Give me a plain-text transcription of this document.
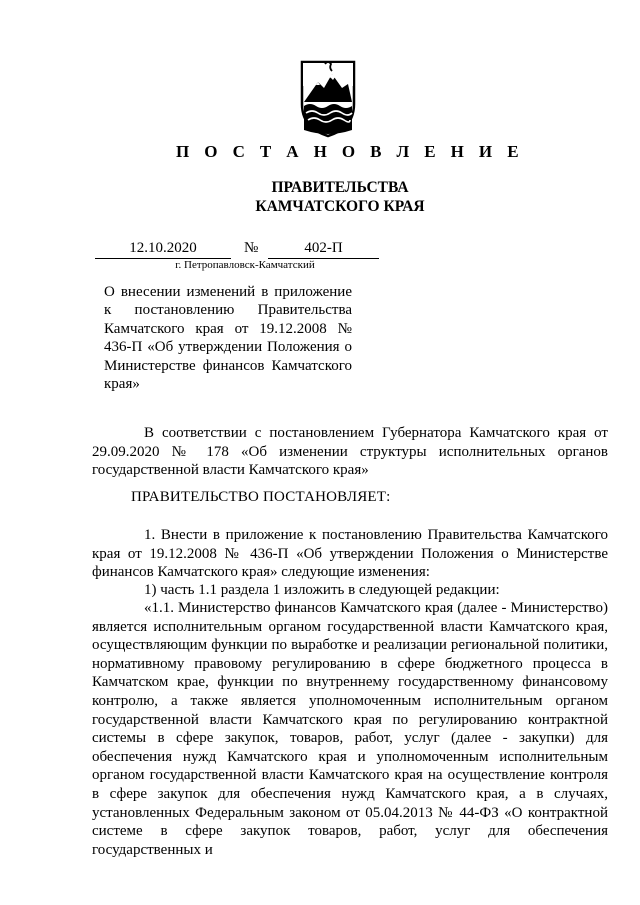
П О С Т А Н О В Л Е Н И Е
ПРАВИТЕЛЬСТВА
КАМЧАТСКОГО КРАЯ
12.10.2020	№	402-П
г. Петропавловск-Камчатский
О внесении изменений в приложение к постановлению Правительства Камчатского края от 19.12.2008 № 436-П «Об утверждении Положения о Министерстве финансов Камчатского края»
В соответствии с постановлением Губернатора Камчатского края от 29.09.2020 № 178 «Об изменении структуры исполнительных органов государственной власти Камчатского края»
ПРАВИТЕЛЬСТВО ПОСТАНОВЛЯЕТ:
1. Внести в приложение к постановлению Правительства Камчатского края от 19.12.2008 № 436-П «Об утверждении Положения о Министерстве финансов Камчатского края» следующие изменения:
1) часть 1.1 раздела 1 изложить в следующей редакции:
«1.1. Министерство финансов Камчатского края (далее - Министерство) является исполнительным органом государственной власти Камчатского края, осуществляющим функции по выработке и реализации региональной политики, нормативному правовому регулированию в сфере бюджетного процесса в Камчатском крае, функции по внутреннему государственному финансовому контролю, а также является уполномоченным исполнительным органом государственной власти Камчатского края по регулированию контрактной системы в сфере закупок, товаров, работ, услуг (далее - закупки) для обеспечения нужд Камчатского края и уполномоченным исполнительным органом государственной власти Камчатского края на осуществление контроля в сфере закупок для обеспечения нужд Камчатского края, а в случаях, установленных Федеральным законом от 05.04.2013 № 44-ФЗ «О контрактной системе в сфере закупок товаров, работ, услуг для обеспечения государственных и
